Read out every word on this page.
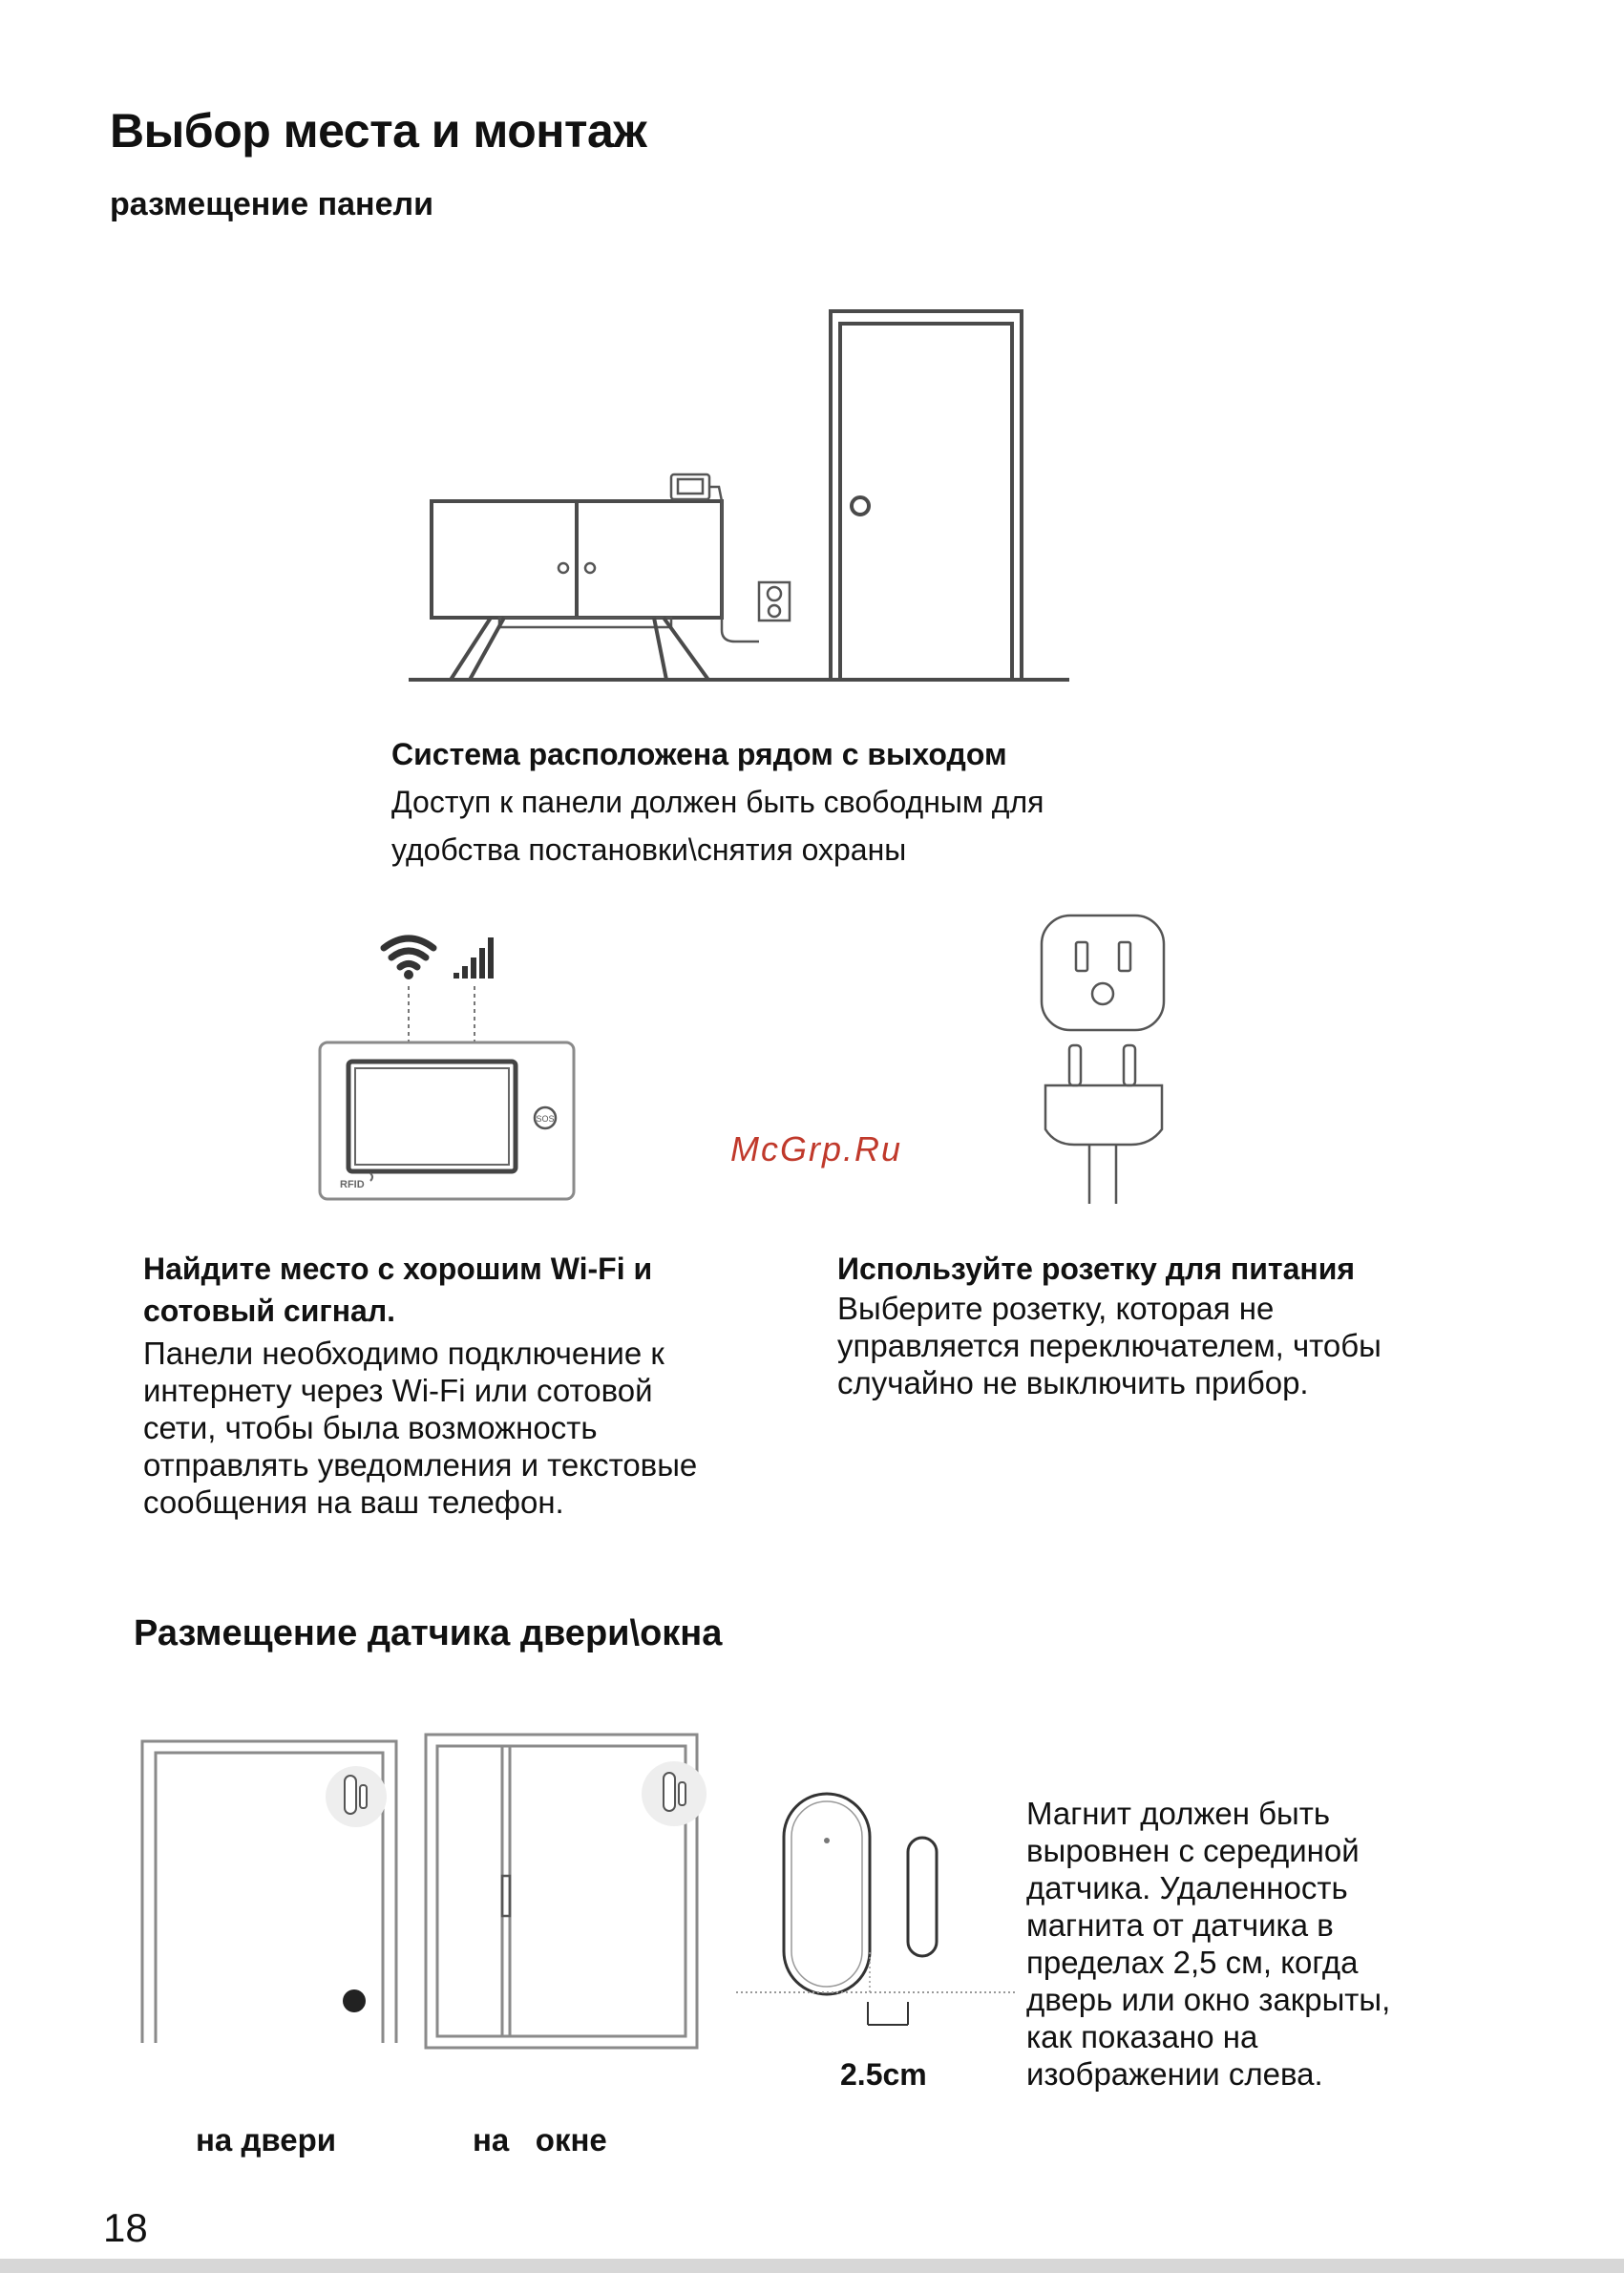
Выбор места и монтаж
размещение панели

Система расположена рядом с выходом

Доступ к панели должен быть свободным для

удобства постановки\снятия охраны

SOS
RFID
McGrp.Ru

Найдите место с хорошим Wi-Fi и

сотовый сигнал.

Панели необходимо подключение к

интернету через Wi-Fi или сотовой

сети, чтобы была возможность

отправлять уведомления и текстовые

сообщения на ваш телефон.

Используйте розетку для питания

Выберите розетку, которая не

управляется переключателем, чтобы

случайно не выключить прибор.

Размещение датчика двери\окна
2.5cm

Магнит должен быть

выровнен с серединой

датчика. Удаленность

магнита от датчика в

пределах 2,5 см, когда

дверь или окно закрыты,

как показано на

изображении слева.

на двери	на   окне
18
